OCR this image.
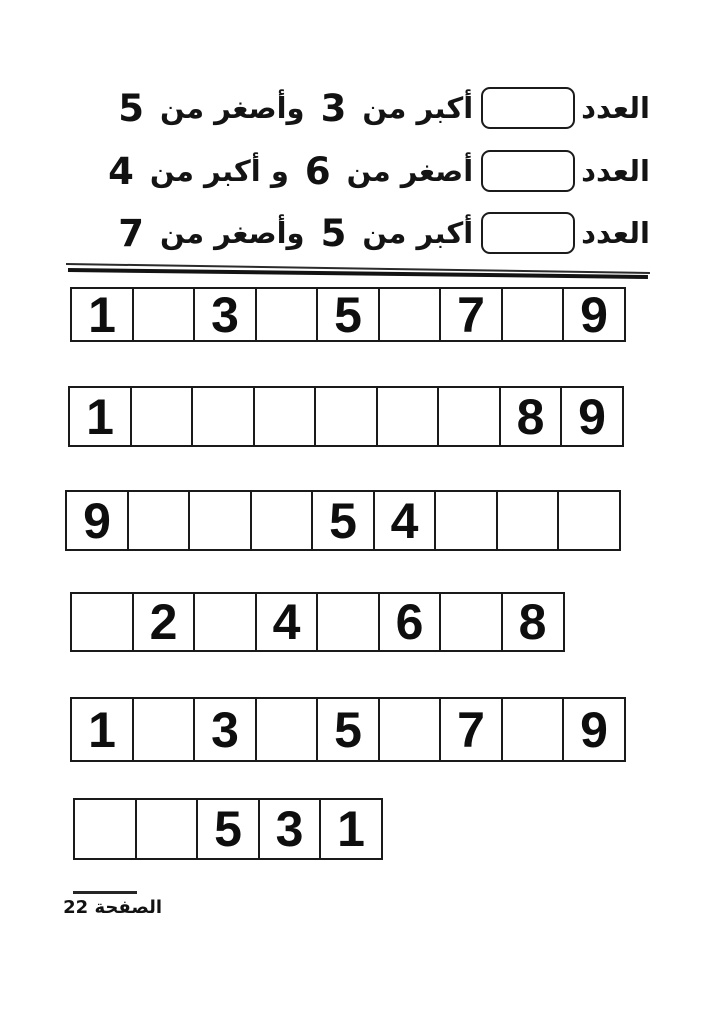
العدد
أكبر من
3
وأصغر من
5
العدد
أصغر من
6
و أكبر من
4
العدد
أكبر من
5
وأصغر من
7
1	3	5	7	9
1	8 9
9	5 4
2	4	6	8
1	3	5	7	9
5 3 1
الصفحة 22
